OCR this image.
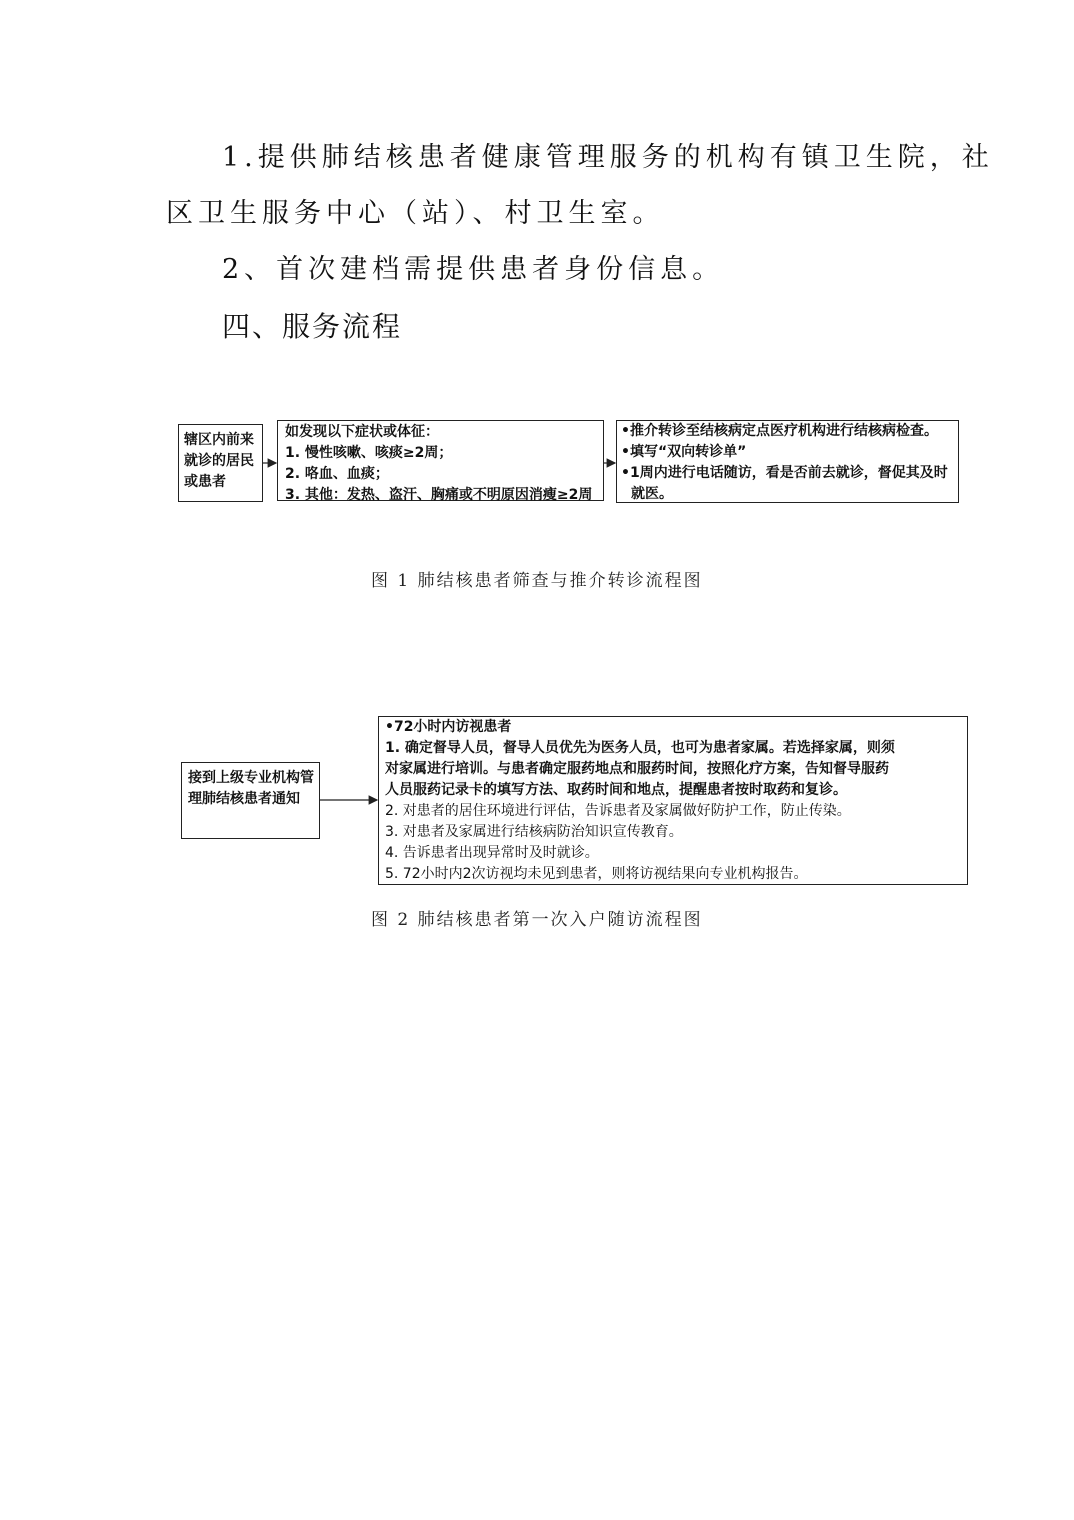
1.提供肺结核患者健康管理服务的机构有镇卫生院，社
区卫生服务中心（站）、村卫生室。
2、首次建档需提供患者身份信息。
四、服务流程
辖区内前来
就诊的居民
或患者
如发现以下症状或体征：
1. 慢性咳嗽、咳痰≥2周；
2. 咯血、血痰；
3. 其他：发热、盗汗、胸痛或不明原因消瘦≥2周
•推介转诊至结核病定点医疗机构进行结核病检查。
•填写“双向转诊单”
•1周内进行电话随访，看是否前去就诊，督促其及时
就医。
图 1 肺结核患者筛查与推介转诊流程图
接到上级专业机构管理肺结核患者通知
•72小时内访视患者
1. 确定督导人员，督导人员优先为医务人员，也可为患者家属。若选择家属，则须
对家属进行培训。与患者确定服药地点和服药时间，按照化疗方案，告知督导服药
人员服药记录卡的填写方法、取药时间和地点，提醒患者按时取药和复诊。
2. 对患者的居住环境进行评估，告诉患者及家属做好防护工作，防止传染。
3. 对患者及家属进行结核病防治知识宣传教育。
4. 告诉患者出现异常时及时就诊。
5. 72小时内2次访视均未见到患者，则将访视结果向专业机构报告。
图 2 肺结核患者第一次入户随访流程图
